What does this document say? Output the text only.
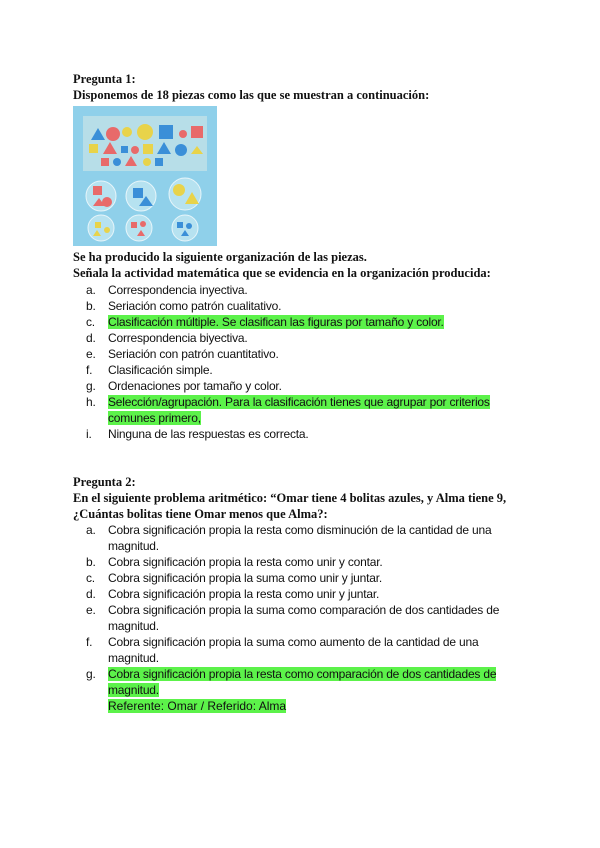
Pregunta 1:
Disponemos de 18 piezas como las que se muestran a continuación:
Se ha producido la siguiente organización de las piezas.
Señala la actividad matemática que se evidencia en la organización producida:
a.	Correspondencia inyectiva.
b.	Seriación como patrón cualitativo.
c.	Clasificación múltiple. Se clasifican las figuras por tamaño y color.
d.	Correspondencia biyectiva.
e.	Seriación con patrón cuantitativo.
f.	Clasificación simple.
g.	Ordenaciones por tamaño y color.
h.	Selección/agrupación. Para la clasificación tienes que agrupar por criterios comunes primero,
i.	Ninguna de las respuestas es correcta.
Pregunta 2:
En el siguiente problema aritmético: “Omar tiene 4 bolitas azules, y Alma tiene 9,
¿Cuántas bolitas tiene Omar menos que Alma?:
a.	Cobra significación propia la resta como disminución de la cantidad de una magnitud.
b.	Cobra significación propia la resta como unir y contar.
c.	Cobra significación propia la suma como unir y juntar.
d.	Cobra significación propia la resta como unir y juntar.
e.	Cobra significación propia la suma como comparación de dos cantidades de magnitud.
f.	Cobra significación propia la suma como aumento de la cantidad de una magnitud.
g.	Cobra significación propia la resta como comparación de dos cantidades de magnitud.
Referente: Omar / Referido: Alma
